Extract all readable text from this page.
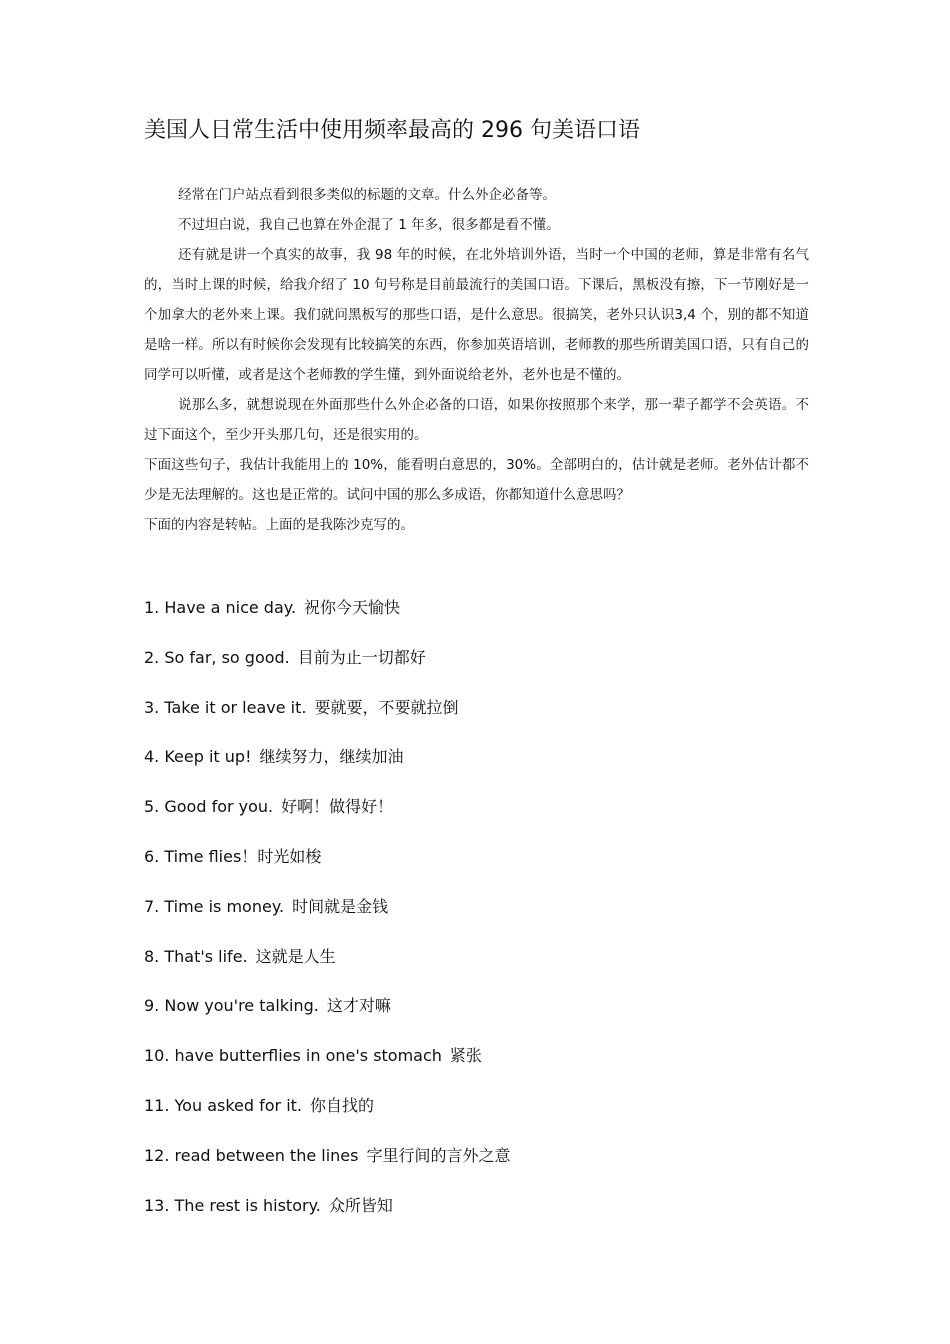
美国人日常生活中使用频率最高的 296 句美语口语

经常在门户站点看到很多类似的标题的文章。什么外企必备等。

不过坦白说，我自己也算在外企混了 1 年多，很多都是看不懂。

还有就是讲一个真实的故事，我 98 年的时候，在北外培训外语，当时一个中国的老师，算是非常有名气的，当时上课的时候，给我介绍了 10 句号称是目前最流行的美国口语。下课后，黑板没有擦，下一节刚好是一个加拿大的老外来上课。我们就问黑板写的那些口语，是什么意思。很搞笑，老外只认识3,4 个，别的都不知道是啥一样。所以有时候你会发现有比较搞笑的东西，你参加英语培训，老师教的那些所谓美国口语，只有自己的同学可以听懂，或者是这个老师教的学生懂，到外面说给老外，老外也是不懂的。

说那么多，就想说现在外面那些什么外企必备的口语，如果你按照那个来学，那一辈子都学不会英语。不过下面这个，至少开头那几句，还是很实用的。

下面这些句子，我估计我能用上的 10%，能看明白意思的，30%。全部明白的，估计就是老师。老外估计都不少是无法理解的。这也是正常的。试问中国的那么多成语，你都知道什么意思吗？

下面的内容是转帖。上面的是我陈沙克写的。

1. Have a nice day. 祝你今天愉快
2. So far, so good. 目前为止一切都好
3. Take it or leave it. 要就要，不要就拉倒
4. Keep it up! 继续努力，继续加油
5. Good for you. 好啊！做得好！
6. Time flies！时光如梭
7. Time is money. 时间就是金钱
8. That's life. 这就是人生
9. Now you're talking. 这才对嘛
10. have butterflies in one's stomach 紧张
11. You asked for it. 你自找的
12. read between the lines 字里行间的言外之意
13. The rest is history. 众所皆知
